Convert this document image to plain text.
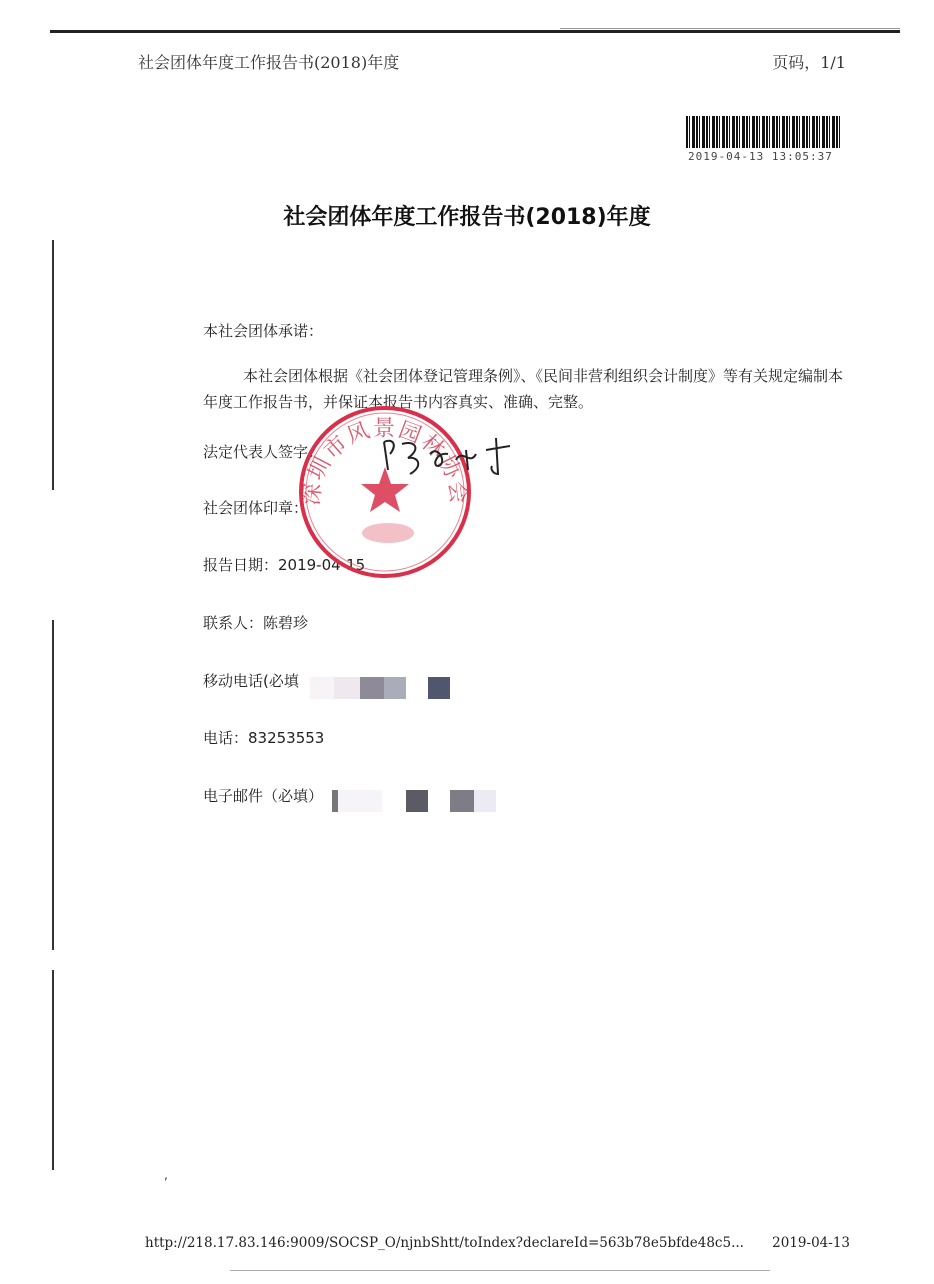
社会团体年度工作报告书(2018)年度	页码，1/1
2019-04-13 13:05:37
社会团体年度工作报告书(2018)年度
本社会团体承诺：
本社会团体根据《社会团体登记管理条例》、《民间非营利组织会计制度》等有关规定编制本年度工作报告书，并保证本报告书内容真实、准确、完整。
法定代表人签字：
社会团体印章：
报告日期：2019-04-15
联系人：陈碧珍
移动电话(必填
电话：83253553
电子邮件（必填）
深圳市风景园林协会
,
http://218.17.83.146:9009/SOCSP_O/njnbShtt/toIndex?declareId=563b78e5bfde48c5... 2019-04-13
